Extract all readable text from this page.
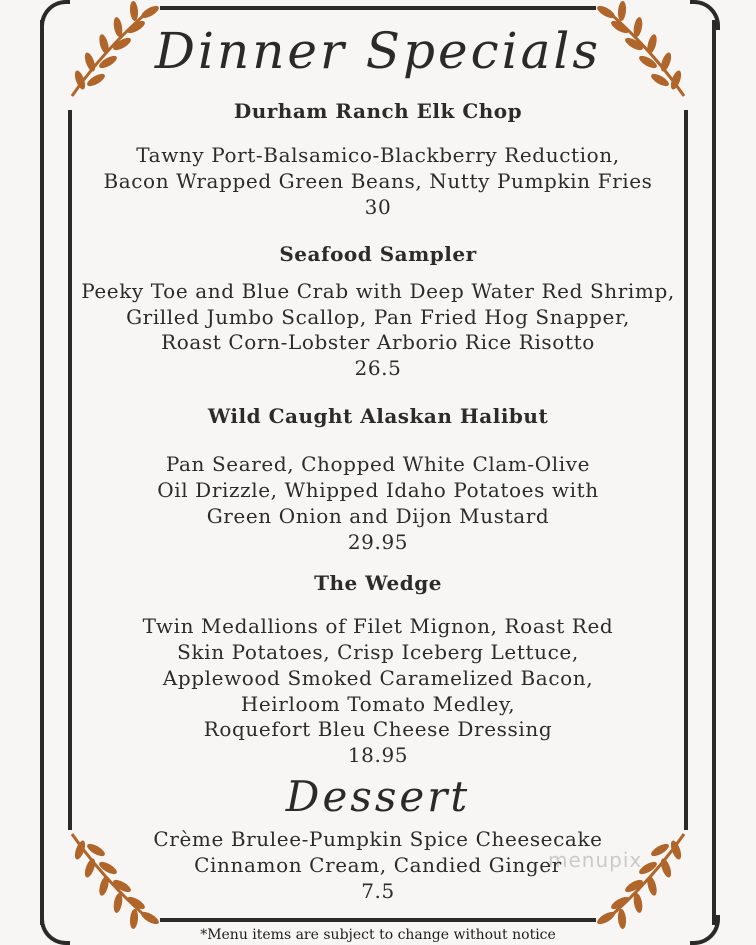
Dinner Specials
Durham Ranch Elk Chop
Tawny Port-Balsamico-Blackberry Reduction,
Bacon Wrapped Green Beans, Nutty Pumpkin Fries
30
Seafood Sampler
Peeky Toe and Blue Crab with Deep Water Red Shrimp,
Grilled Jumbo Scallop, Pan Fried Hog Snapper,
Roast Corn-Lobster Arborio Rice Risotto
26.5
Wild Caught Alaskan Halibut
Pan Seared, Chopped White Clam-Olive
Oil Drizzle, Whipped Idaho Potatoes with
Green Onion and Dijon Mustard
29.95
The Wedge
Twin Medallions of Filet Mignon, Roast Red
Skin Potatoes, Crisp Iceberg Lettuce,
Applewood Smoked Caramelized Bacon,
Heirloom Tomato Medley,
Roquefort Bleu Cheese Dressing
18.95
Dessert
Crème Brulee-Pumpkin Spice Cheesecake
Cinnamon Cream, Candied Ginger
7.5
menupix
*Menu items are subject to change without notice
